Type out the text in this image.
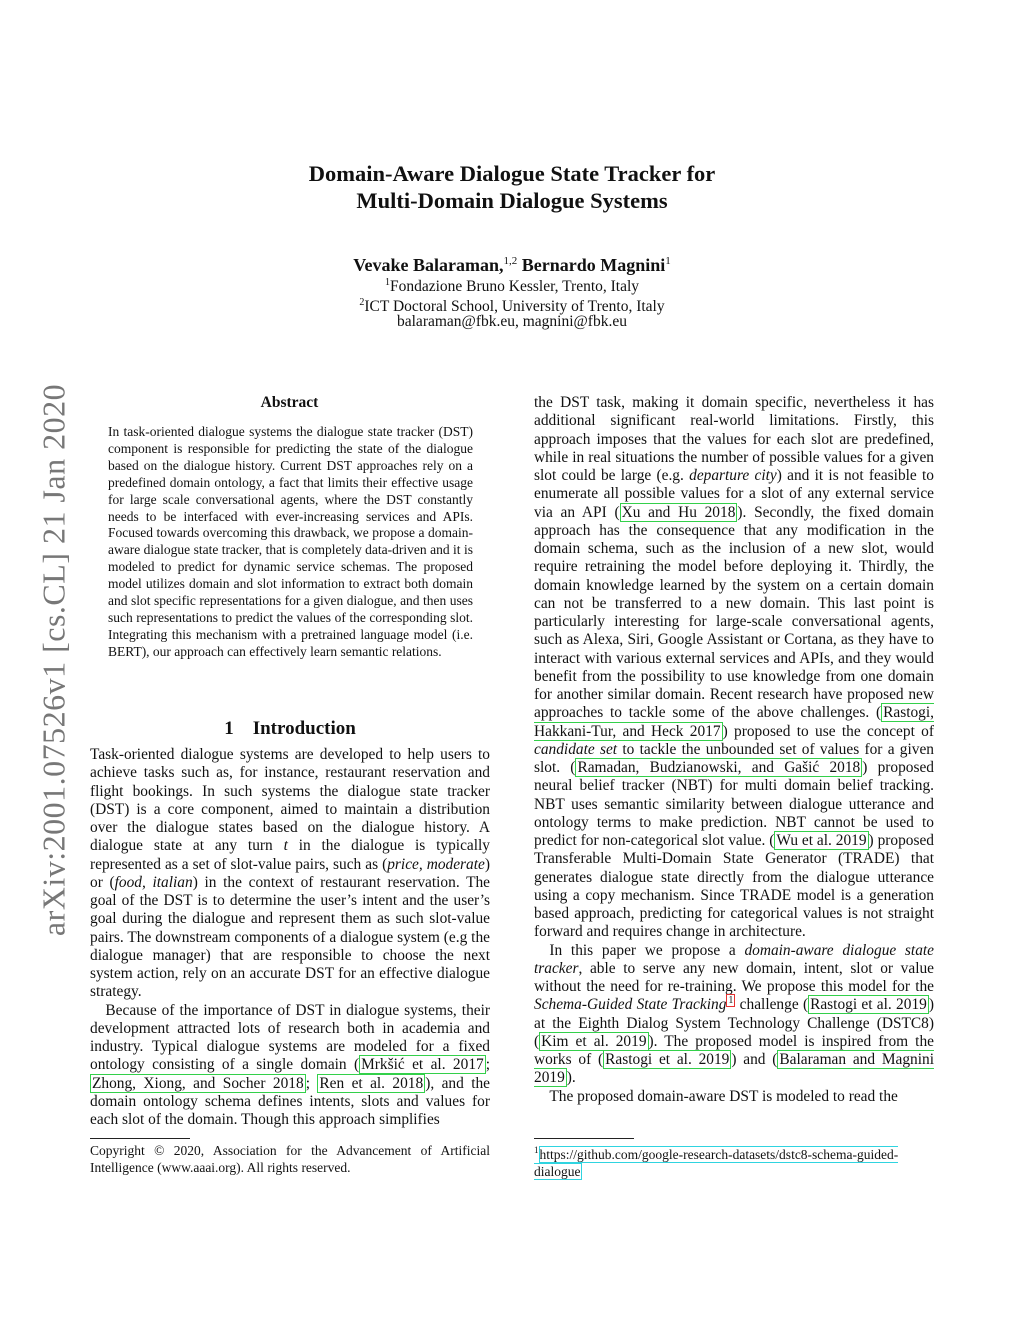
arXiv:2001.07526v1 [cs.CL] 21 Jan 2020
Domain-Aware Dialogue State Tracker for
Multi-Domain Dialogue Systems
Vevake Balaraman,$^{1,2}$ Bernardo Magnini$^1$
$^1$Fondazione Bruno Kessler, Trento, Italy
$^2$ICT Doctoral School, University of Trento, Italy
balaraman@fbk.eu, magnini@fbk.eu
Abstract
In task-oriented dialogue systems the dialogue state tracker (DST) component is responsible for predicting the state of the dialogue based on the dialogue history. Current DST approaches rely on a predefined domain ontology, a fact that limits their effective usage for large scale conversational agents, where the DST constantly needs to be interfaced with ever-increasing services and APIs. Focused towards overcoming this drawback, we propose a domain-aware dialogue state tracker, that is completely data-driven and it is modeled to predict for dynamic service schemas. The proposed model utilizes domain and slot information to extract both domain and slot specific representations for a given dialogue, and then uses such representations to predict the values of the corresponding slot. Integrating this mechanism with a pretrained language model (i.e. BERT), our approach can effectively learn semantic relations.
1 Introduction

Task-oriented dialogue systems are developed to help users to achieve tasks such as, for instance, restaurant reservation and flight bookings. In such systems the dialogue state tracker (DST) is a core component, aimed to maintain a distribution over the dialogue states based on the dialogue history. A dialogue state at any turn t in the dialogue is typically represented as a set of slot-value pairs, such as (price, moderate) or (food, italian) in the context of restaurant reservation. The goal of the DST is to determine the user’s intent and the user’s goal during the dialogue and represent them as such slot-value pairs. The downstream components of a dialogue system (e.g the dialogue manager) that are responsible to choose the next system action, rely on an accurate DST for an effective dialogue strategy.

Because of the importance of DST in dialogue systems, their development attracted lots of research both in academia and industry. Typical dialogue systems are modeled for a fixed ontology consisting of a single domain ( Mrkšić et al. 2017 ; Zhong, Xiong, and Socher 2018 ; Ren et al. 2018 ), and the domain ontology schema defines intents, slots and values for each slot of the domain. Though this approach simplifies

the DST task, making it domain specific, nevertheless it has additional significant real-world limitations. Firstly, this approach imposes that the values for each slot are predefined, while in real situations the number of possible values for a given slot could be large (e.g. departure city) and it is not feasible to enumerate all possible values for a slot of any external service via an API ( Xu and Hu 2018 ). Secondly, the fixed domain approach has the consequence that any modification in the domain schema, such as the inclusion of a new slot, would require retraining the model before deploying it. Thirdly, the domain knowledge learned by the system on a certain domain can not be transferred to a new domain. This last point is particularly interesting for large-scale conversational agents, such as Alexa, Siri, Google Assistant or Cortana, as they have to interact with various external services and APIs, and they would benefit from the possibility to use knowledge from one domain for another similar domain. Recent research have proposed new approaches to tackle some of the above challenges. ( Rastogi, Hakkani-Tur, and Heck 2017 ) proposed to use the concept of candidate set to tackle the unbounded set of values for a given slot. ( Ramadan, Budzianowski, and Gašić 2018 ) proposed neural belief tracker (NBT) for multi domain belief tracking. NBT uses semantic similarity between dialogue utterance and ontology terms to make prediction. NBT cannot be used to predict for non-categorical slot value. ( Wu et al. 2019 ) proposed Transferable Multi-Domain State Generator (TRADE) that generates dialogue state directly from the dialogue utterance using a copy mechanism. Since TRADE model is a generation based approach, predicting for categorical values is not straight forward and requires change in architecture.

In this paper we propose a domain-aware dialogue state tracker, able to serve any new domain, intent, slot or value without the need for re-training. We propose this model for the Schema-Guided State Tracking $^1$ challenge ( Rastogi et al. 2019 ) at the Eighth Dialog System Technology Challenge (DSTC8) ( Kim et al. 2019 ). The proposed model is inspired from the works of ( Rastogi et al. 2019 ) and ( Balaraman and Magnini 2019 ).

The proposed domain-aware DST is modeled to read the

Copyright © 2020, Association for the Advancement of Artificial Intelligence (www.aaai.org). All rights reserved.
$^1$https://github.com/google-research-datasets/dstc8-schema-guided-dialogue
